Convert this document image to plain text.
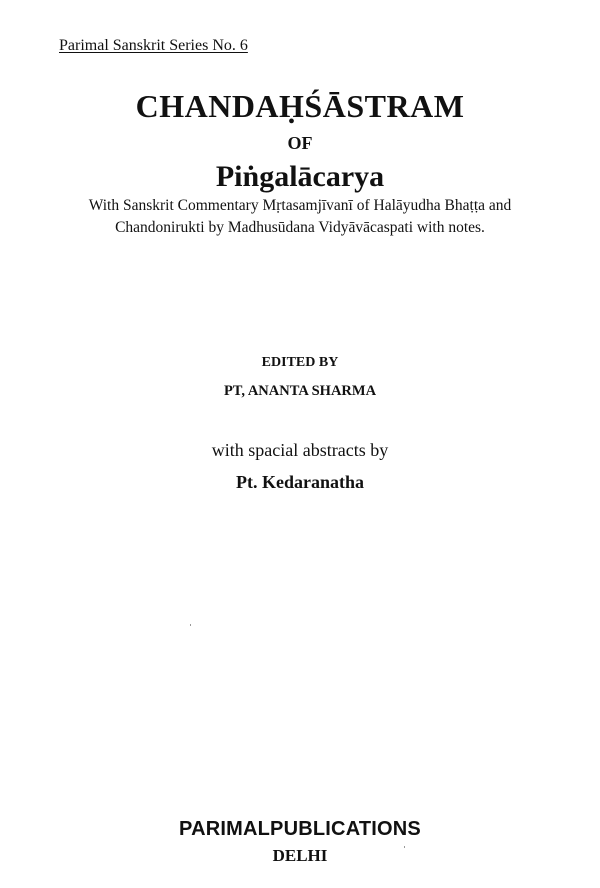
Parimal Sanskrit Series No. 6
CHANDAḤŚĀSTRAM
OF
Piṅgalācarya
With Sanskrit Commentary Mṛtasamjīvanī of Halāyudha Bhaṭṭa and
Chandonirukti by Madhusūdana Vidyāvācaspati with notes.
EDITED BY
PT, ANANTA SHARMA
with spacial abstracts by
Pt. Kedaranatha
PARIMALPUBLICATIONS
DELHI
